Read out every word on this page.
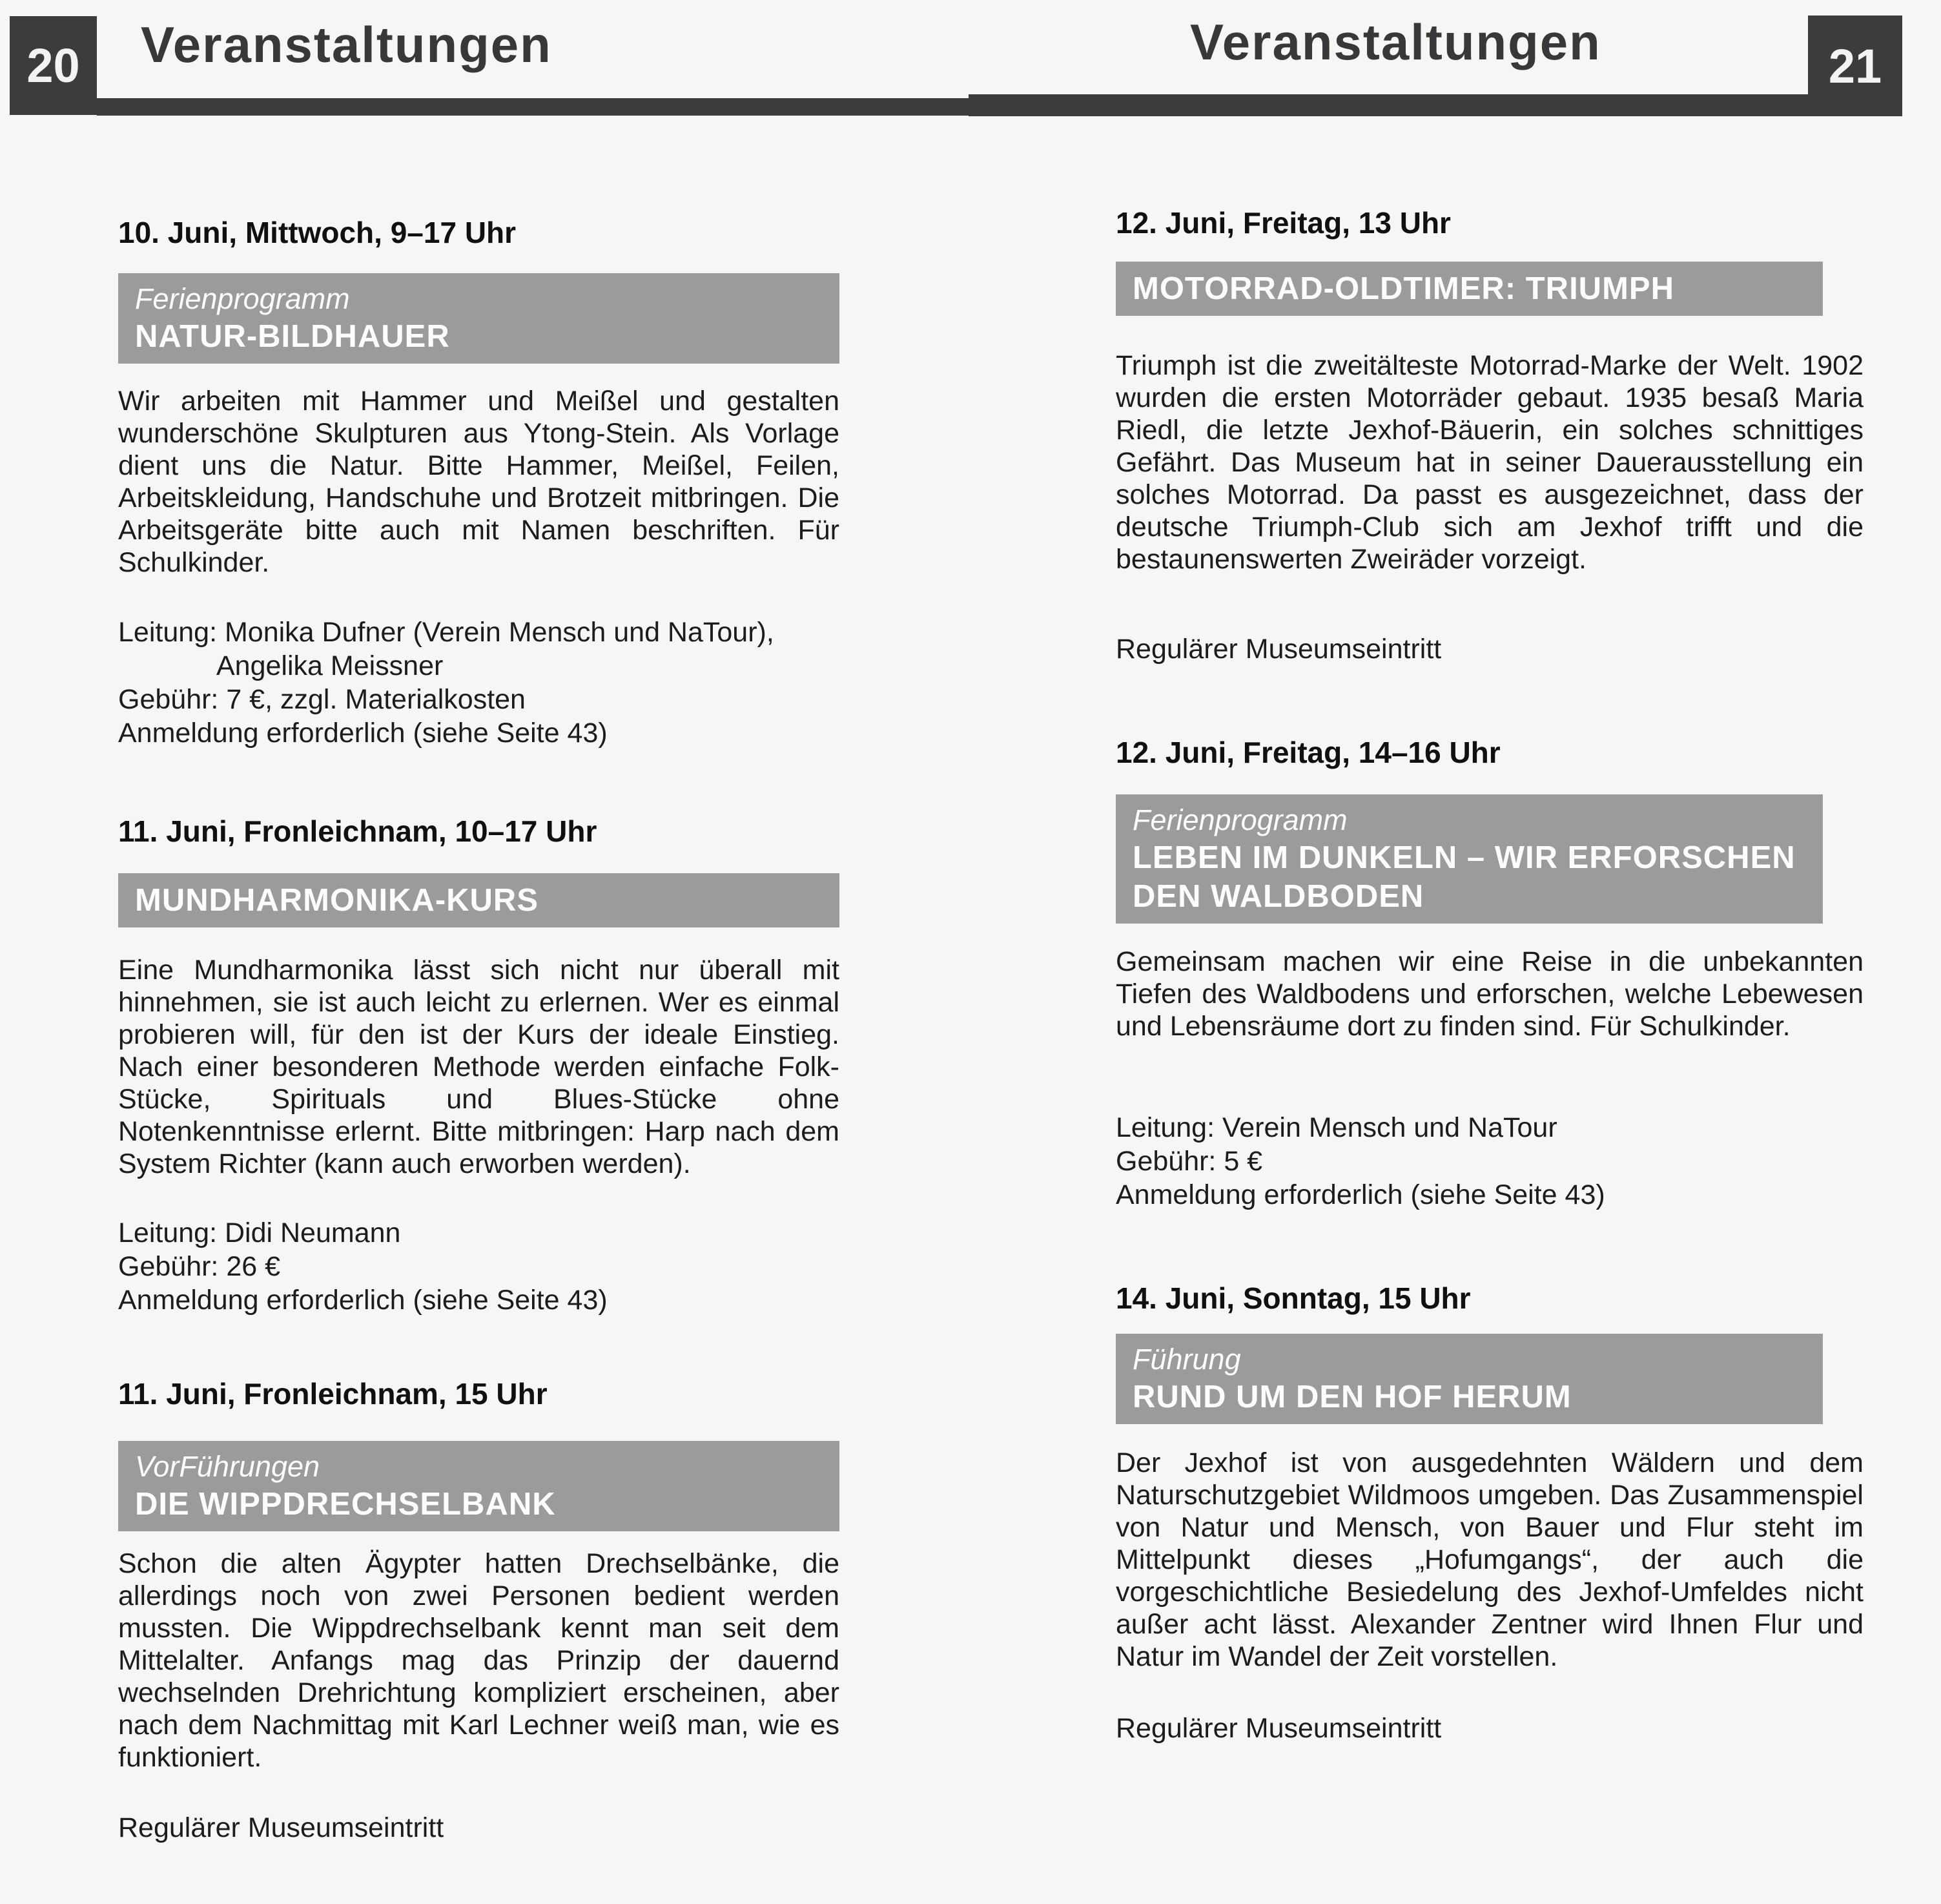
20	Veranstaltungen	Veranstaltungen	21
10. Juni, Mittwoch, 9–17 Uhr
Ferienprogramm
NATUR-BILDHAUER
Wir arbeiten mit Hammer und Meißel und gestalten wunderschöne Skulpturen aus Ytong-Stein. Als Vorlage dient uns die Natur. Bitte Hammer, Meißel, Feilen, Arbeitskleidung, Handschuhe und Brotzeit mitbringen. Die Arbeitsgeräte bitte auch mit Namen beschriften. Für Schulkinder.
Leitung: Monika Dufner (Verein Mensch und NaTour),
Angelika Meissner
Gebühr: 7 €, zzgl. Materialkosten
Anmeldung erforderlich (siehe Seite 43)
11. Juni, Fronleichnam, 10–17 Uhr
MUNDHARMONIKA-KURS
Eine Mundharmonika lässt sich nicht nur überall mit hinnehmen, sie ist auch leicht zu erlernen. Wer es einmal probieren will, für den ist der Kurs der ideale Einstieg. Nach einer besonderen Methode werden einfache Folk-Stücke, Spirituals und Blues-Stücke ohne Notenkenntnisse erlernt. Bitte mitbringen: Harp nach dem System Richter (kann auch erworben werden).
Leitung: Didi Neumann
Gebühr: 26 €
Anmeldung erforderlich (siehe Seite 43)
11. Juni, Fronleichnam, 15 Uhr
VorFührungen
DIE WIPPDRECHSELBANK
Schon die alten Ägypter hatten Drechselbänke, die allerdings noch von zwei Personen bedient werden mussten. Die Wippdrechselbank kennt man seit dem Mittelalter. Anfangs mag das Prinzip der dauernd wechselnden Drehrichtung kompliziert erscheinen, aber nach dem Nachmittag mit Karl Lechner weiß man, wie es funktioniert.
Regulärer Museumseintritt
12. Juni, Freitag, 13 Uhr
MOTORRAD-OLDTIMER: TRIUMPH
Triumph ist die zweitälteste Motorrad-Marke der Welt. 1902 wurden die ersten Motorräder gebaut. 1935 besaß Maria Riedl, die letzte Jexhof-Bäuerin, ein solches schnittiges Gefährt. Das Museum hat in seiner Dauerausstellung ein solches Motorrad. Da passt es ausgezeichnet, dass der deutsche Triumph-Club sich am Jexhof trifft und die bestaunenswerten Zweiräder vorzeigt.
Regulärer Museumseintritt
12. Juni, Freitag, 14–16 Uhr
Ferienprogramm
LEBEN IM DUNKELN – WIR ERFORSCHEN DEN WALDBODEN
Gemeinsam machen wir eine Reise in die unbekannten Tiefen des Waldbodens und erforschen, welche Lebewesen und Lebensräume dort zu finden sind. Für Schulkinder.
Leitung: Verein Mensch und NaTour
Gebühr: 5 €
Anmeldung erforderlich (siehe Seite 43)
14. Juni, Sonntag, 15 Uhr
Führung
RUND UM DEN HOF HERUM
Der Jexhof ist von ausgedehnten Wäldern und dem Naturschutzgebiet Wildmoos umgeben. Das Zusammenspiel von Natur und Mensch, von Bauer und Flur steht im Mittelpunkt dieses „Hofumgangs“, der auch die vorgeschichtliche Besiedelung des Jexhof-Umfeldes nicht außer acht lässt. Alexander Zentner wird Ihnen Flur und Natur im Wandel der Zeit vorstellen.
Regulärer Museumseintritt
